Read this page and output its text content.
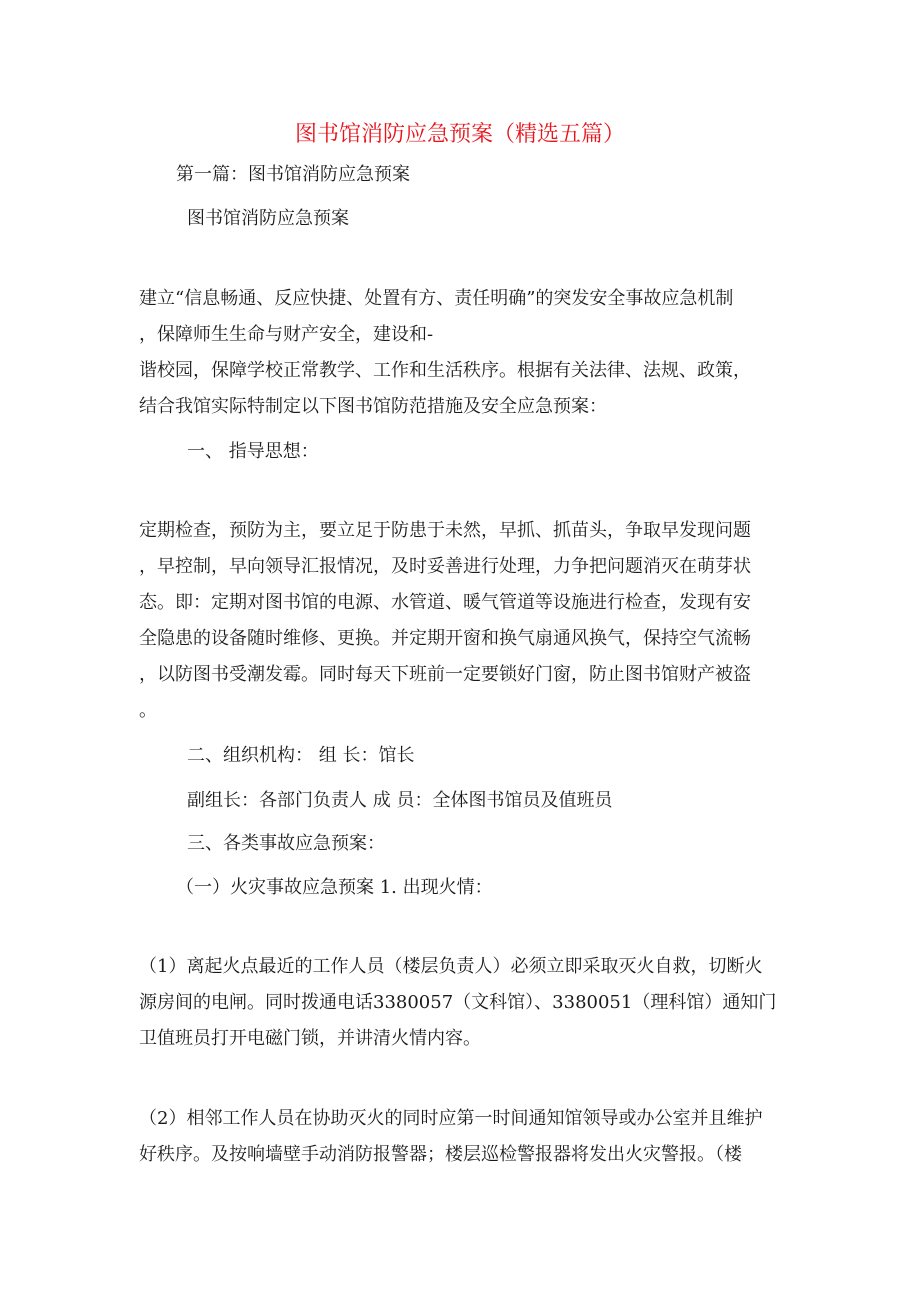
图书馆消防应急预案（精选五篇）

第一篇：图书馆消防应急预案

图书馆消防应急预案

建立“信息畅通、反应快捷、处置有方、责任明确”的突发安全事故应急机制

，保障师生生命与财产安全，建设和-

谐校园，保障学校正常教学、工作和生活秩序。根据有关法律、法规、政策，

结合我馆实际特制定以下图书馆防范措施及安全应急预案：

一、 指导思想：

定期检查，预防为主，要立足于防患于未然，早抓、抓苗头，争取早发现问题

，早控制，早向领导汇报情况，及时妥善进行处理，力争把问题消灭在萌芽状

态。即：定期对图书馆的电源、水管道、暖气管道等设施进行检查，发现有安

全隐患的设备随时维修、更换。并定期开窗和换气扇通风换气，保持空气流畅

，以防图书受潮发霉。同时每天下班前一定要锁好门窗，防止图书馆财产被盗

。

二、组织机构： 组 长：馆长

副组长：各部门负责人 成 员：全体图书馆员及值班员

三、各类事故应急预案：

（一）火灾事故应急预案 1. 出现火情：

（1）离起火点最近的工作人员（楼层负责人）必须立即采取灭火自救，切断火

源房间的电闸。同时拨通电话3380057（文科馆）、3380051（理科馆）通知门

卫值班员打开电磁门锁，并讲清火情内容。

（2）相邻工作人员在协助灭火的同时应第一时间通知馆领导或办公室并且维护

好秩序。及按响墙壁手动消防报警器；楼层巡检警报器将发出火灾警报。（楼
